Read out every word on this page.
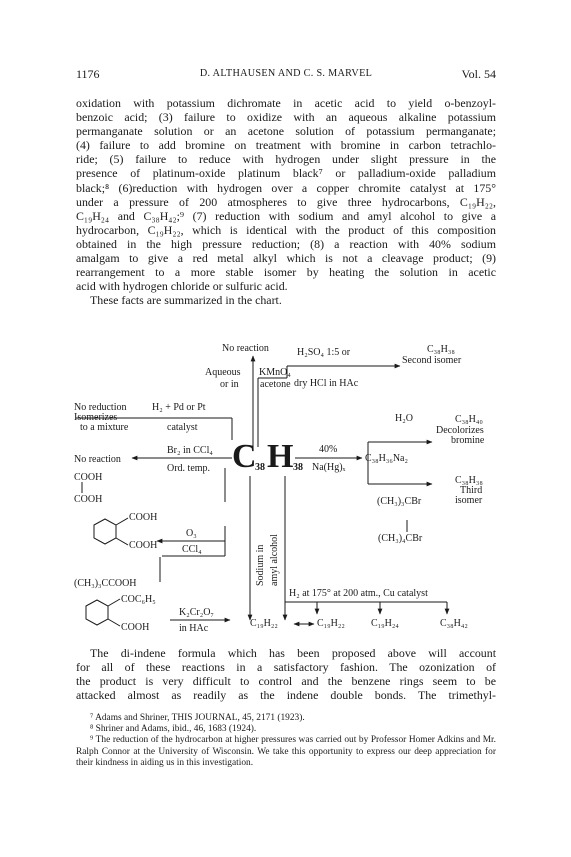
1176	D. ALTHAUSEN AND C. S. MARVEL	Vol. 54

oxidation with potassium dichromate in acetic acid to yield o-benzoyl-

benzoic acid; (3) failure to oxidize with an aqueous alkaline potassium

permanganate solution or an acetone solution of potassium permanganate;

(4) failure to add bromine on treatment with bromine in carbon tetrachlo-

ride; (5) failure to reduce with hydrogen under slight pressure in the

presence of platinum-oxide platinum black⁷ or palladium-oxide palladium

black;⁸ (6)reduction with hydrogen over a copper chromite catalyst at 175°

under a pressure of 200 atmospheres to give three hydrocarbons, C₁₉H₂₂,

C₁₉H₂₄ and C₃₈H₄₂;⁹ (7) reduction with sodium and amyl alcohol to give a

hydrocarbon, C₁₉H₂₂, which is identical with the product of this composition

obtained in the high pressure reduction; (8) a reaction with 40% sodium

amalgam to give a red metal alkyl which is not a cleavage product; (9)

rearrangement to a more stable isomer by heating the solution in acetic

acid with hydrogen chloride or sulfuric acid.

These facts are summarized in the chart.

No reaction
Aqueous KMnO₄
or in acetone
H₂SO₄ 1:5 or
dry HCl in HAc
C₃₈H₃₈
Second isomer
No reduction
Isomerizes
to a mixture
H₂ + Pd or Pt
catalyst
H₂O	C₃₈H₄₀
Decolorizes
bromine
Br₂ in CCl₄
No reaction
Ord. temp. C
38 H 38
40%
Na(Hg)ₓ
C₃₈H₃₆Na₂
COOH
COOH
C₃₈H₃₈
Third
isomer
(CH₃)₃CBr
(CH₃)₄CBr
COOH
COOH
O₃
CCl₄	Sodium in amyl alcohol
(CH₃)₃CCOOH
H₂ at 175° at 200 atm., Cu catalyst
COC₆H₅
COOH
K₂Cr₂O₇
in HAc	C₁₉H₂₂	C₁₉H₂₂	C₁₉H₂₄	C₃₈H₄₂

The di-indene formula which has been proposed above will account

for all of these reactions in a satisfactory fashion. The ozonization of

the product is very difficult to control and the benzene rings seem to be

attacked almost as readily as the indene double bonds. The trimethyl-

⁷ Adams and Shriner, THIS JOURNAL, 45, 2171 (1923).

⁸ Shriner and Adams, ibid., 46, 1683 (1924).

⁹ The reduction of the hydrocarbon at higher pressures was carried out by Professor Homer Adkins and Mr. Ralph Connor at the University of Wisconsin. We take this opportunity to express our deep appreciation for their kindness in aiding us in this investigation.
